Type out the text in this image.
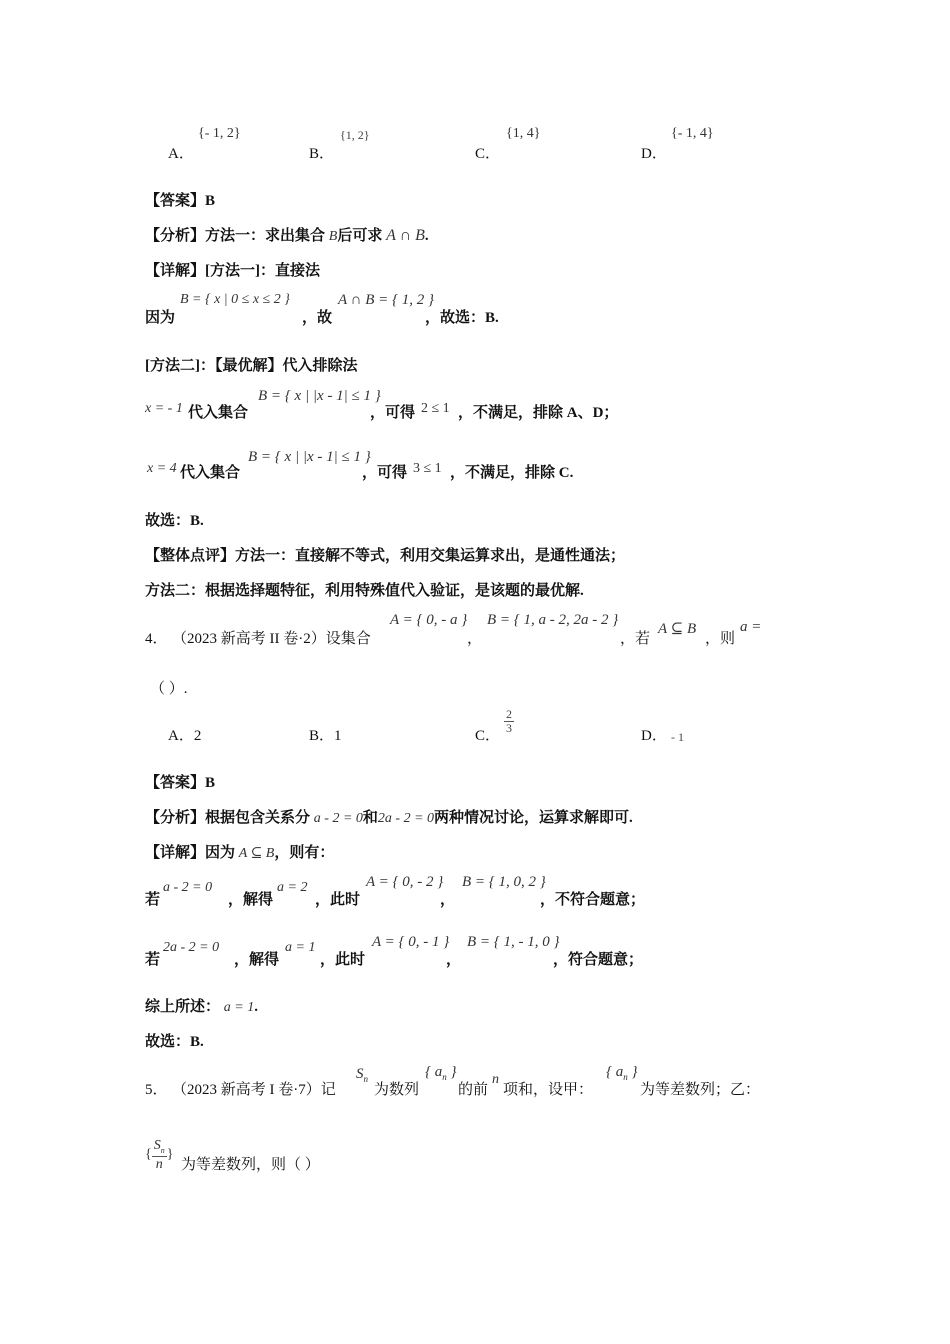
A．
{- 1, 2}
B．
{1, 2}
C．
{1, 4}
D．
{- 1, 4}
【答案】B
【分析】方法一：求出集合 B后可求 A ∩ B.
【详解】[方法一]：直接法
因为
B = { x | 0 ≤ x ≤ 2 }
，故
A ∩ B = { 1, 2 }
，故选：B.
[方法二]：【最优解】代入排除法
x = - 1 代入集合
B = { x | |x - 1| ≤ 1 }
，可得 2 ≤ 1 ，不满足，排除 A、D；
x = 4 代入集合
B = { x | |x - 1| ≤ 1 }
，可得 3 ≤ 1 ，不满足，排除 C.
故选：B.
【整体点评】方法一：直接解不等式，利用交集运算求出，是通性通法；
方法二：根据选择题特征，利用特殊值代入验证，是该题的最优解.
4． （2023 新高考 II 卷·2）设集合
A = { 0, - a }
，
B = { 1, a - 2, 2a - 2 }
，若
A ⊆ B
，则
a =
（ ）.
A．2	B．1	C．
$\frac{2}{3}$
D． - 1
【答案】B
【分析】根据包含关系分 a - 2 = 0和2a - 2 = 0两种情况讨论，运算求解即可.
【详解】因为 A ⊆ B，则有：
若
a - 2 = 0
，解得
a = 2
，此时
A = { 0, - 2 }
，
B = { 1, 0, 2 }
，不符合题意；
若
2a - 2 = 0
，解得
a = 1
，此时
A = { 0, - 1 }
，
B = { 1, - 1, 0 }
，符合题意；
综上所述： a = 1.
故选：B.
5． （2023 新高考 I 卷·7）记
$S_n$
为数列
{ $a_n$ }
的前
n
项和，设甲：
{ $a_n$ }
为等差数列；乙：
{ $\frac{S_n}{n}$ }
为等差数列，则（ ）
